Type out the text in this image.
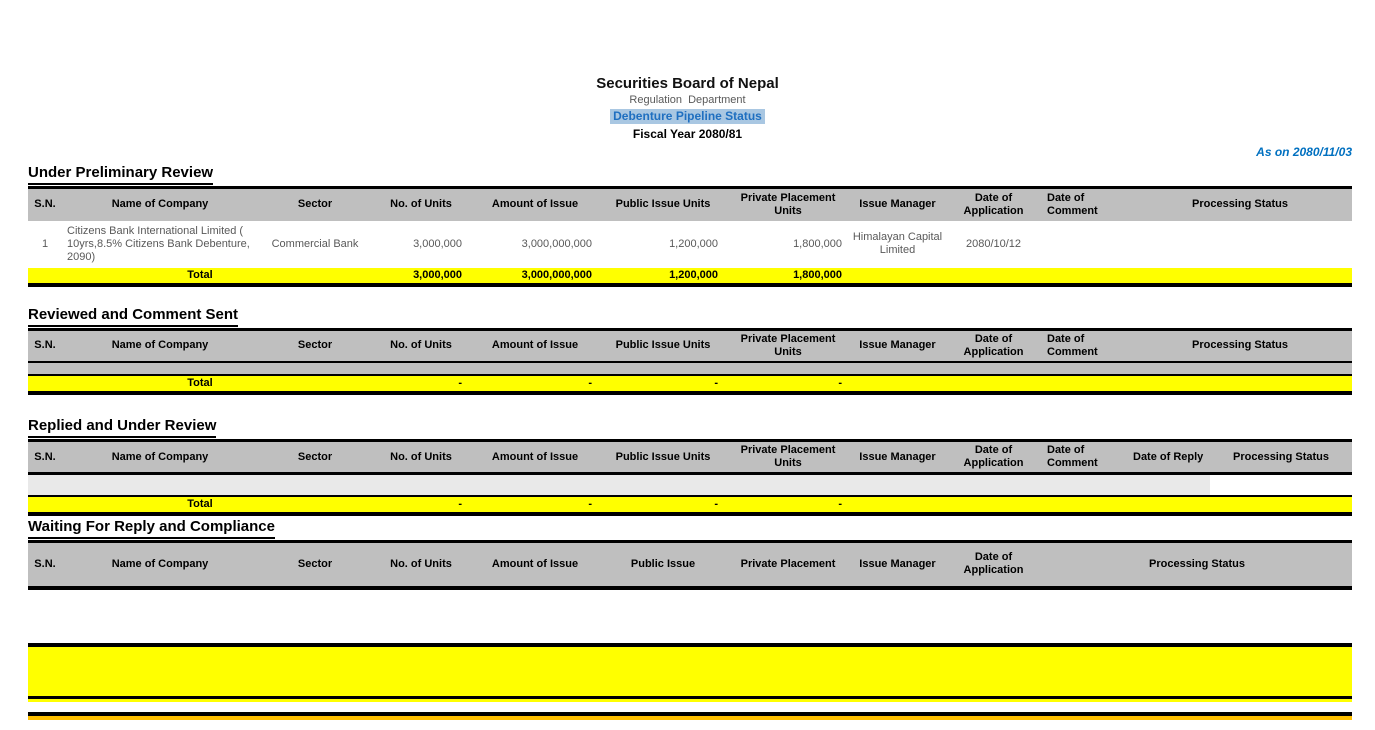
Securities Board of Nepal
Regulation  Department
Debenture Pipeline Status
Fiscal Year 2080/81
As on 2080/11/03
Under Preliminary Review
S.N.	Name of Company	Sector	No. of Units	Amount of Issue	Public Issue Units	Private Placement Units	Issue Manager	Date of Application	Date of Comment	Processing Status
1	Citizens Bank International Limited ( 10yrs,8.5% Citizens Bank Debenture, 2090)	Commercial Bank	3,000,000	3,000,000,000	1,200,000	1,800,000	Himalayan Capital Limited	2080/10/12		
Total			3,000,000	3,000,000,000	1,200,000	1,800,000				
Reviewed and Comment Sent
S.N.	Name of Company	Sector	No. of Units	Amount of Issue	Public Issue Units	Private Placement Units	Issue Manager	Date of Application	Date of Comment	Processing Status

Total			-	-	-	-				
Replied and Under Review
S.N.	Name of Company	Sector	No. of Units	Amount of Issue	Public Issue Units	Private Placement Units	Issue Manager	Date of Application	Date of Comment	Date of Reply	Processing Status

Total			-	-	-	-					
Waiting For Reply and Compliance
S.N.	Name of Company	Sector	No. of Units	Amount of Issue	Public Issue	Private Placement	Issue Manager	Date of Application	Processing Status
